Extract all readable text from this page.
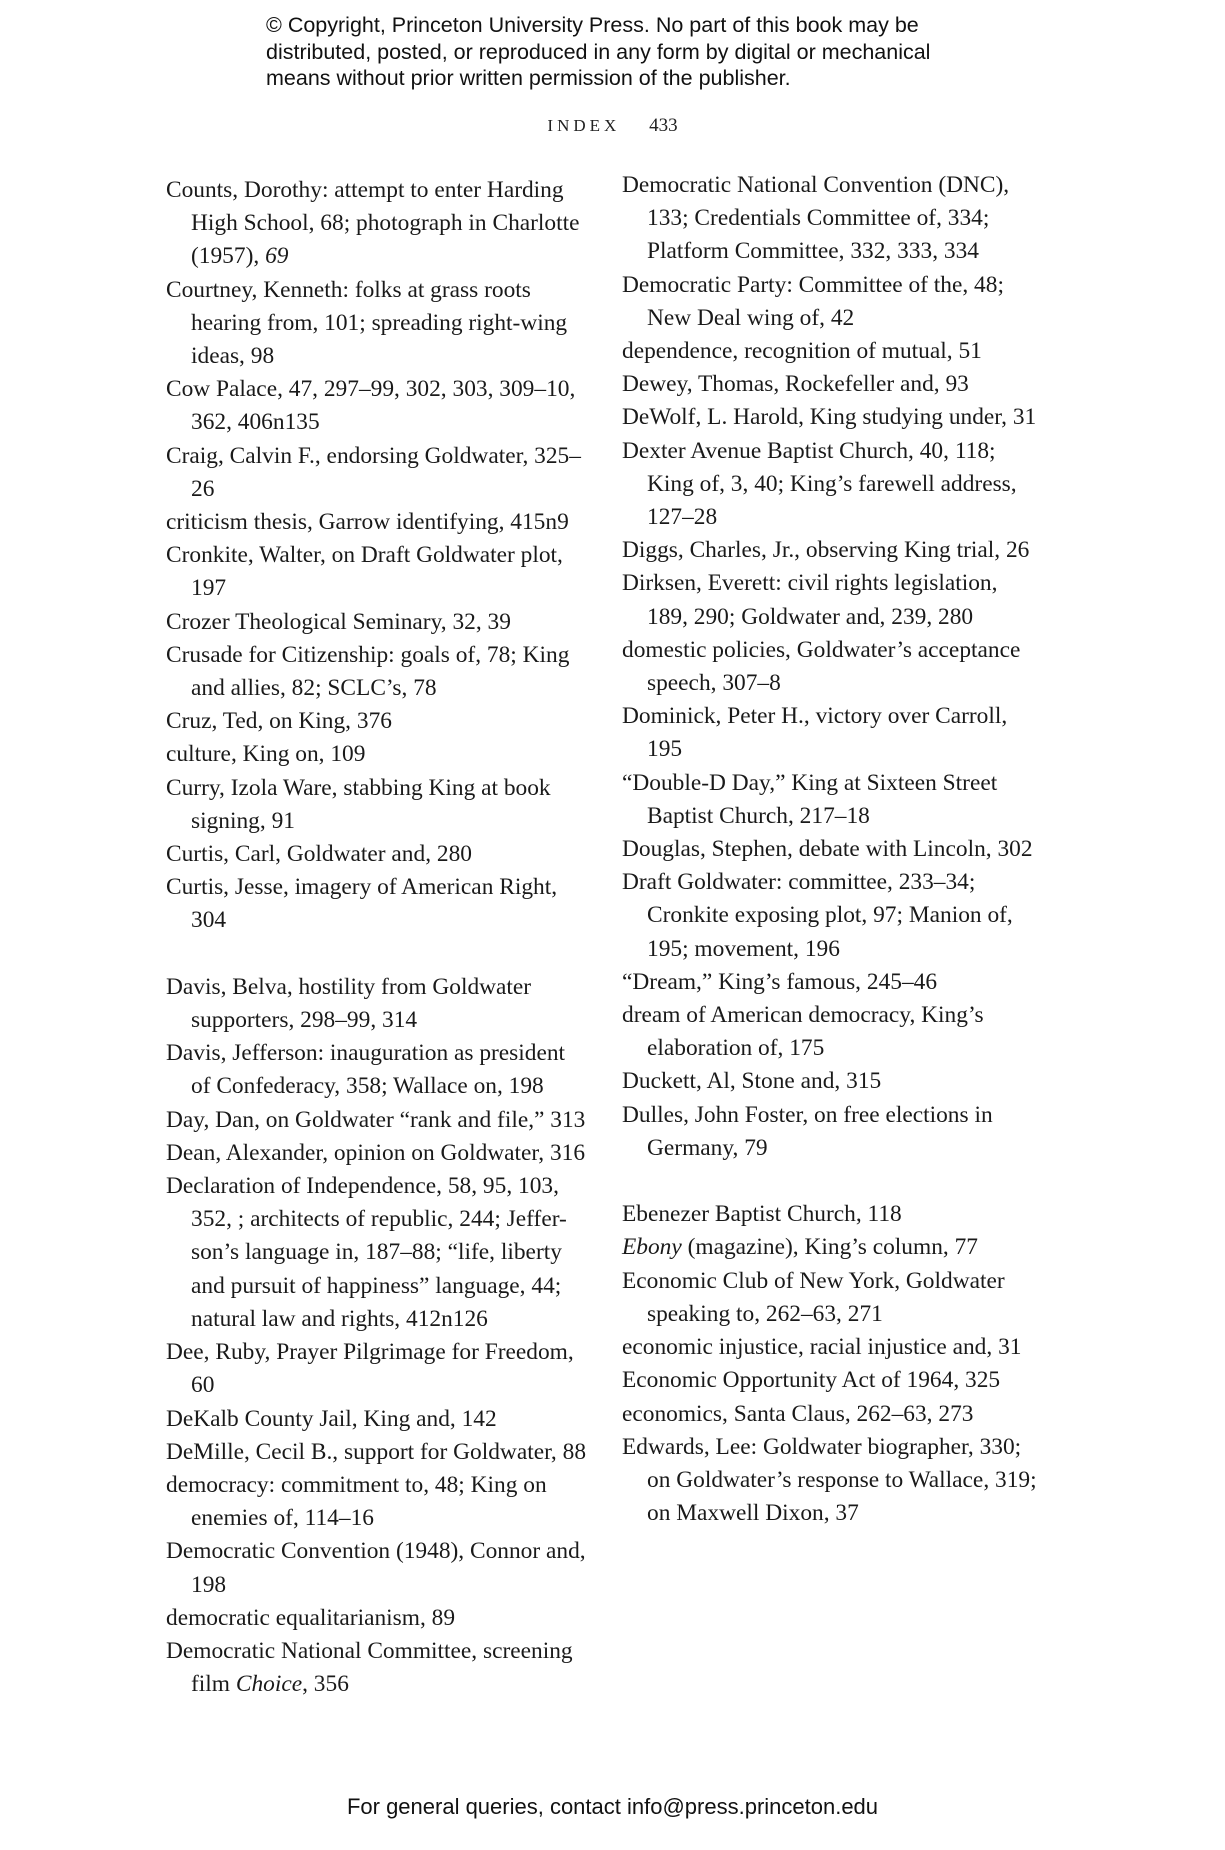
© Copyright, Princeton University Press. No part of this book may be
distributed, posted, or reproduced in any form by digital or mechanical
means without prior written permission of the publisher.
INDEX 433

Counts, Dorothy: attempt to enter Harding High School, 68; photograph in Charlotte (1957), 69

Courtney, Kenneth: folks at grass roots hearing from, 101; spreading right-wing ideas, 98

Cow Palace, 47, 297–99, 302, 303, 309–10, 362, 406n135

Craig, Calvin F., endorsing Goldwater, 325–26

criticism thesis, Garrow identifying, 415n9

Cronkite, Walter, on Draft Goldwater plot, 197

Crozer Theological Seminary, 32, 39

Crusade for Citizenship: goals of, 78; King and allies, 82; SCLC’s, 78

Cruz, Ted, on King, 376

culture, King on, 109

Curry, Izola Ware, stabbing King at book signing, 91

Curtis, Carl, Goldwater and, 280

Curtis, Jesse, imagery of American Right, 304

Davis, Belva, hostility from Goldwater supporters, 298–99, 314

Davis, Jefferson: inauguration as president of Confederacy, 358; Wallace on, 198

Day, Dan, on Goldwater “rank and file,” 313

Dean, Alexander, opinion on Goldwater, 316

Declaration of Independence, 58, 95, 103, 352, ; architects of republic, 244; Jeffer-son’s language in, 187–88; “life, liberty and pursuit of happiness” language, 44; natural law and rights, 412n126

Dee, Ruby, Prayer Pilgrimage for Freedom, 60

DeKalb County Jail, King and, 142

DeMille, Cecil B., support for Goldwater, 88

democracy: commitment to, 48; King on enemies of, 114–16

Democratic Convention (1948), Connor and, 198

democratic equalitarianism, 89

Democratic National Committee, screening film Choice, 356

Democratic National Convention (DNC), 133; Credentials Committee of, 334; Platform Committee, 332, 333, 334

Democratic Party: Committee of the, 48; New Deal wing of, 42

dependence, recognition of mutual, 51

Dewey, Thomas, Rockefeller and, 93

DeWolf, L. Harold, King studying under, 31

Dexter Avenue Baptist Church, 40, 118; King of, 3, 40; King’s farewell address, 127–28

Diggs, Charles, Jr., observing King trial, 26

Dirksen, Everett: civil rights legislation, 189, 290; Goldwater and, 239, 280

domestic policies, Goldwater’s acceptance speech, 307–8

Dominick, Peter H., victory over Carroll, 195

“Double-D Day,” King at Sixteen Street Baptist Church, 217–18

Douglas, Stephen, debate with Lincoln, 302

Draft Goldwater: committee, 233–34; Cronkite exposing plot, 97; Manion of, 195; movement, 196

“Dream,” King’s famous, 245–46

dream of American democracy, King’s elaboration of, 175

Duckett, Al, Stone and, 315

Dulles, John Foster, on free elections in Germany, 79

Ebenezer Baptist Church, 118

Ebony (magazine), King’s column, 77

Economic Club of New York, Goldwater speaking to, 262–63, 271

economic injustice, racial injustice and, 31

Economic Opportunity Act of 1964, 325

economics, Santa Claus, 262–63, 273

Edwards, Lee: Goldwater biographer, 330; on Goldwater’s response to Wallace, 319; on Maxwell Dixon, 37

For general queries, contact info@press.princeton.edu
